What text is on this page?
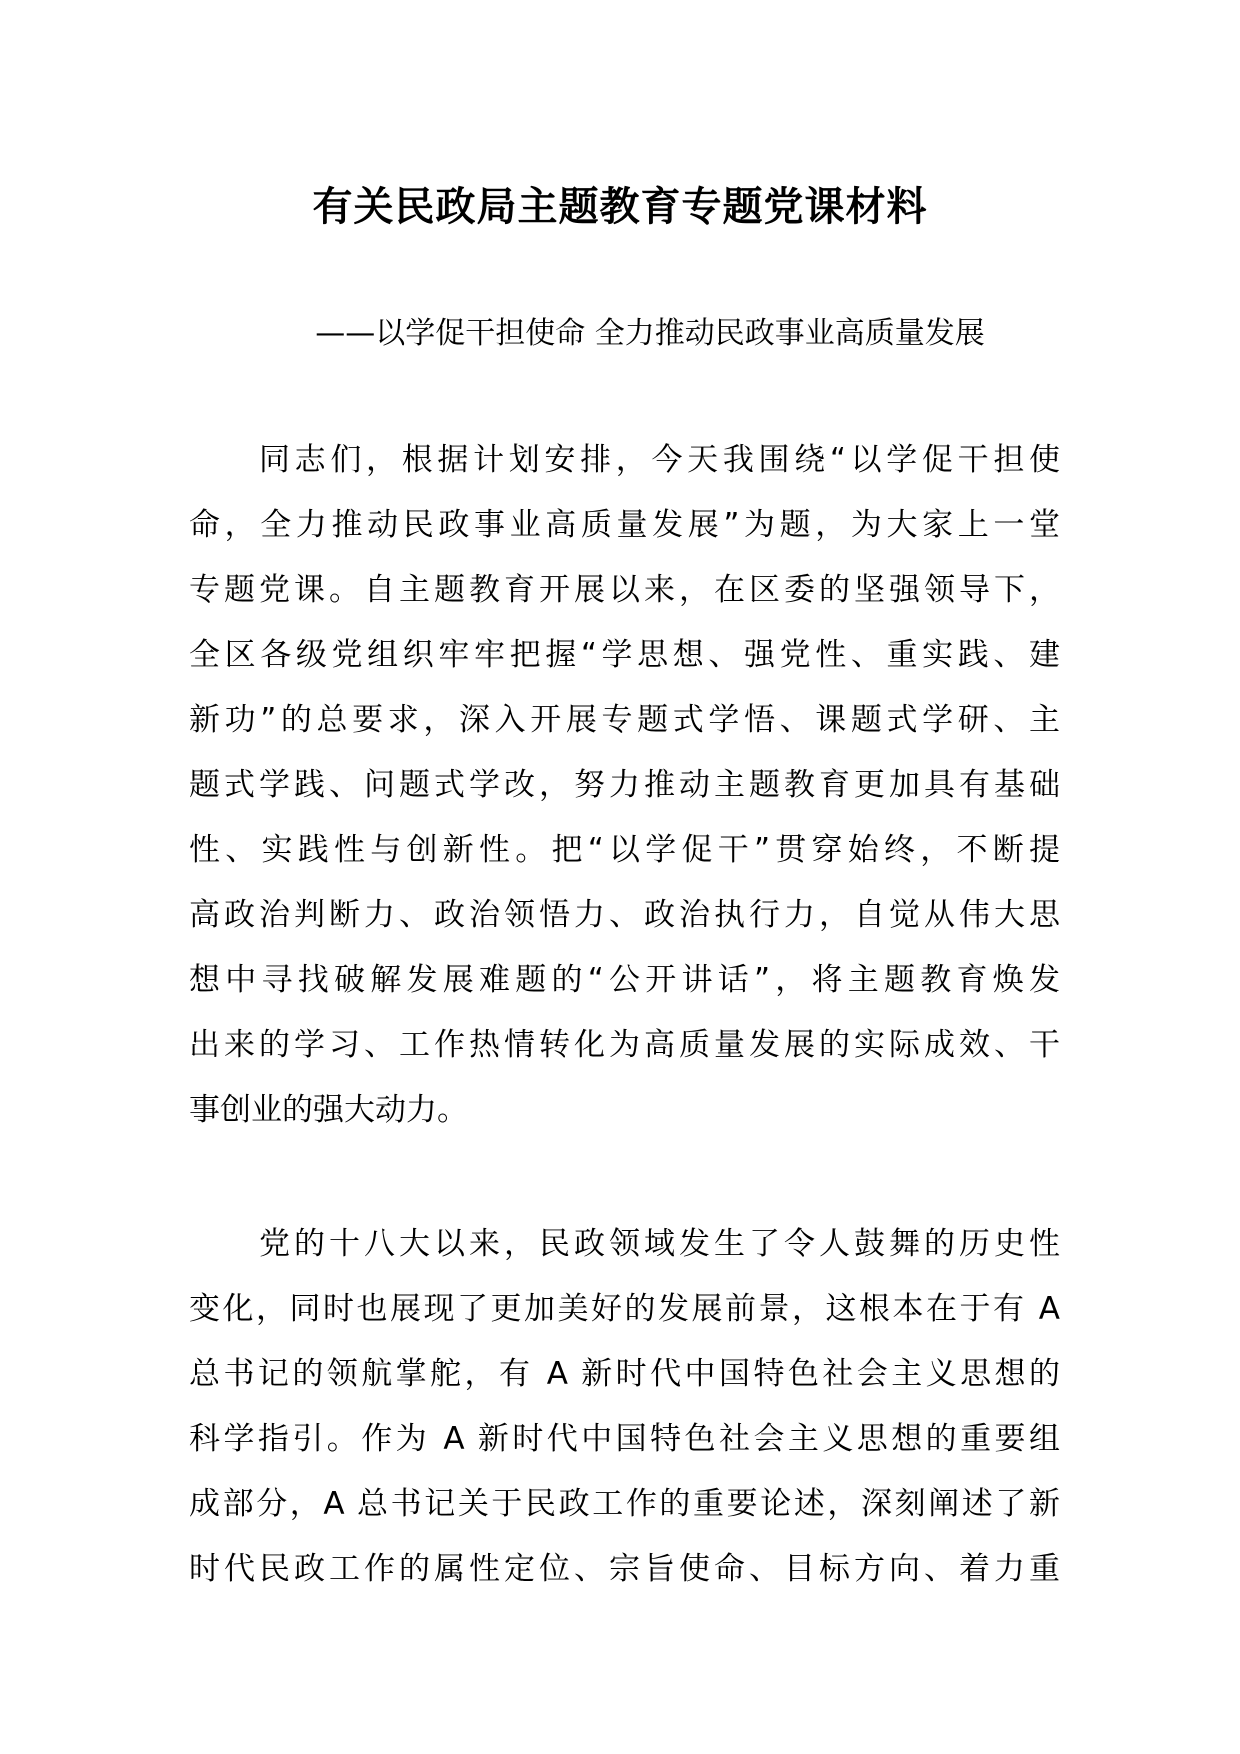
有关民政局主题教育专题党课材料
——以学促干担使命 全力推动民政事业高质量发展
同志们，根据计划安排，今天我围绕“以学促干担使
命，全力推动民政事业高质量发展”为题，为大家上一堂
专题党课。自主题教育开展以来，在区委的坚强领导下，
全区各级党组织牢牢把握“学思想、强党性、重实践、建
新功”的总要求，深入开展专题式学悟、课题式学研、主
题式学践、问题式学改，努力推动主题教育更加具有基础
性、实践性与创新性。把“以学促干”贯穿始终，不断提
高政治判断力、政治领悟力、政治执行力，自觉从伟大思
想中寻找破解发展难题的“公开讲话”，将主题教育焕发
出来的学习、工作热情转化为高质量发展的实际成效、干
事创业的强大动力。
党的十八大以来，民政领域发生了令人鼓舞的历史性
变化，同时也展现了更加美好的发展前景，这根本在于有 A
总书记的领航掌舵，有 A 新时代中国特色社会主义思想的
科学指引。作为 A 新时代中国特色社会主义思想的重要组
成部分，A 总书记关于民政工作的重要论述，深刻阐述了新
时代民政工作的属性定位、宗旨使命、目标方向、着力重
